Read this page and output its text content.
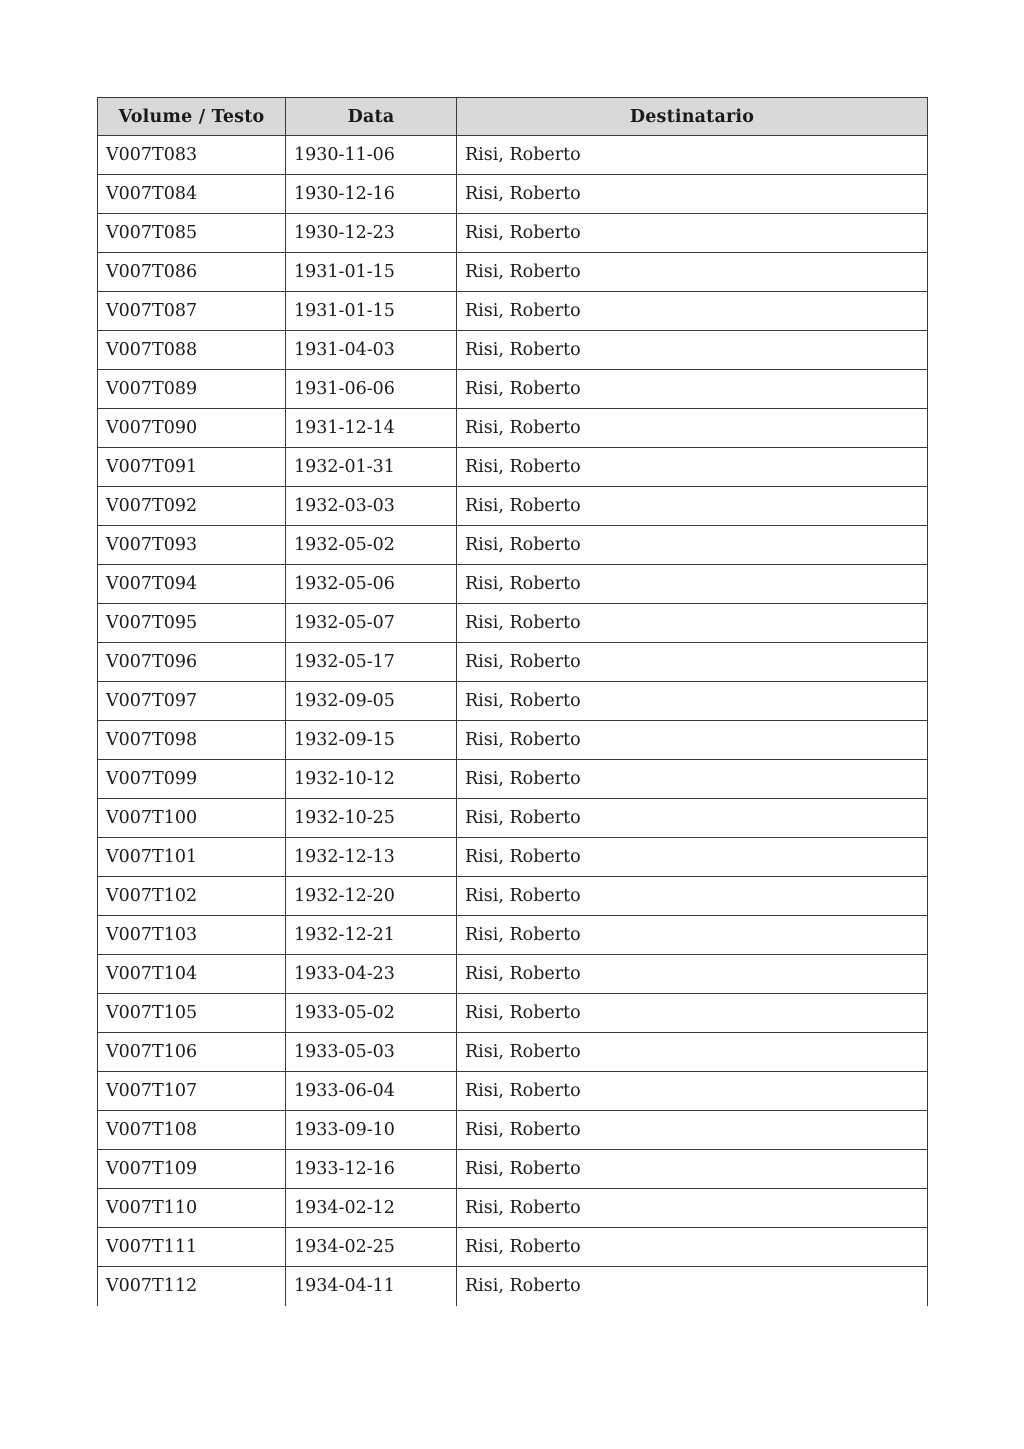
Volume / Testo	Data	Destinatario
V007T083	1930-11-06	Risi, Roberto
V007T084	1930-12-16	Risi, Roberto
V007T085	1930-12-23	Risi, Roberto
V007T086	1931-01-15	Risi, Roberto
V007T087	1931-01-15	Risi, Roberto
V007T088	1931-04-03	Risi, Roberto
V007T089	1931-06-06	Risi, Roberto
V007T090	1931-12-14	Risi, Roberto
V007T091	1932-01-31	Risi, Roberto
V007T092	1932-03-03	Risi, Roberto
V007T093	1932-05-02	Risi, Roberto
V007T094	1932-05-06	Risi, Roberto
V007T095	1932-05-07	Risi, Roberto
V007T096	1932-05-17	Risi, Roberto
V007T097	1932-09-05	Risi, Roberto
V007T098	1932-09-15	Risi, Roberto
V007T099	1932-10-12	Risi, Roberto
V007T100	1932-10-25	Risi, Roberto
V007T101	1932-12-13	Risi, Roberto
V007T102	1932-12-20	Risi, Roberto
V007T103	1932-12-21	Risi, Roberto
V007T104	1933-04-23	Risi, Roberto
V007T105	1933-05-02	Risi, Roberto
V007T106	1933-05-03	Risi, Roberto
V007T107	1933-06-04	Risi, Roberto
V007T108	1933-09-10	Risi, Roberto
V007T109	1933-12-16	Risi, Roberto
V007T110	1934-02-12	Risi, Roberto
V007T111	1934-02-25	Risi, Roberto
V007T112	1934-04-11	Risi, Roberto
